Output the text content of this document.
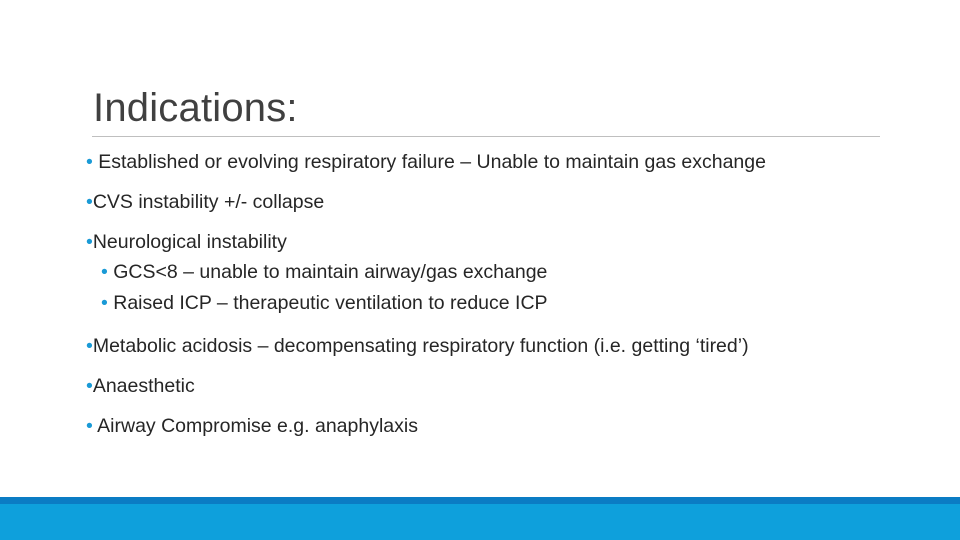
Indications:
• Established or evolving respiratory failure – Unable to maintain gas exchange
•CVS instability +/- collapse
•Neurological instability
• GCS<8 – unable to maintain airway/gas exchange
• Raised ICP – therapeutic ventilation to reduce ICP
•Metabolic acidosis – decompensating respiratory function (i.e. getting ‘tired’)
•Anaesthetic
• Airway Compromise e.g. anaphylaxis
